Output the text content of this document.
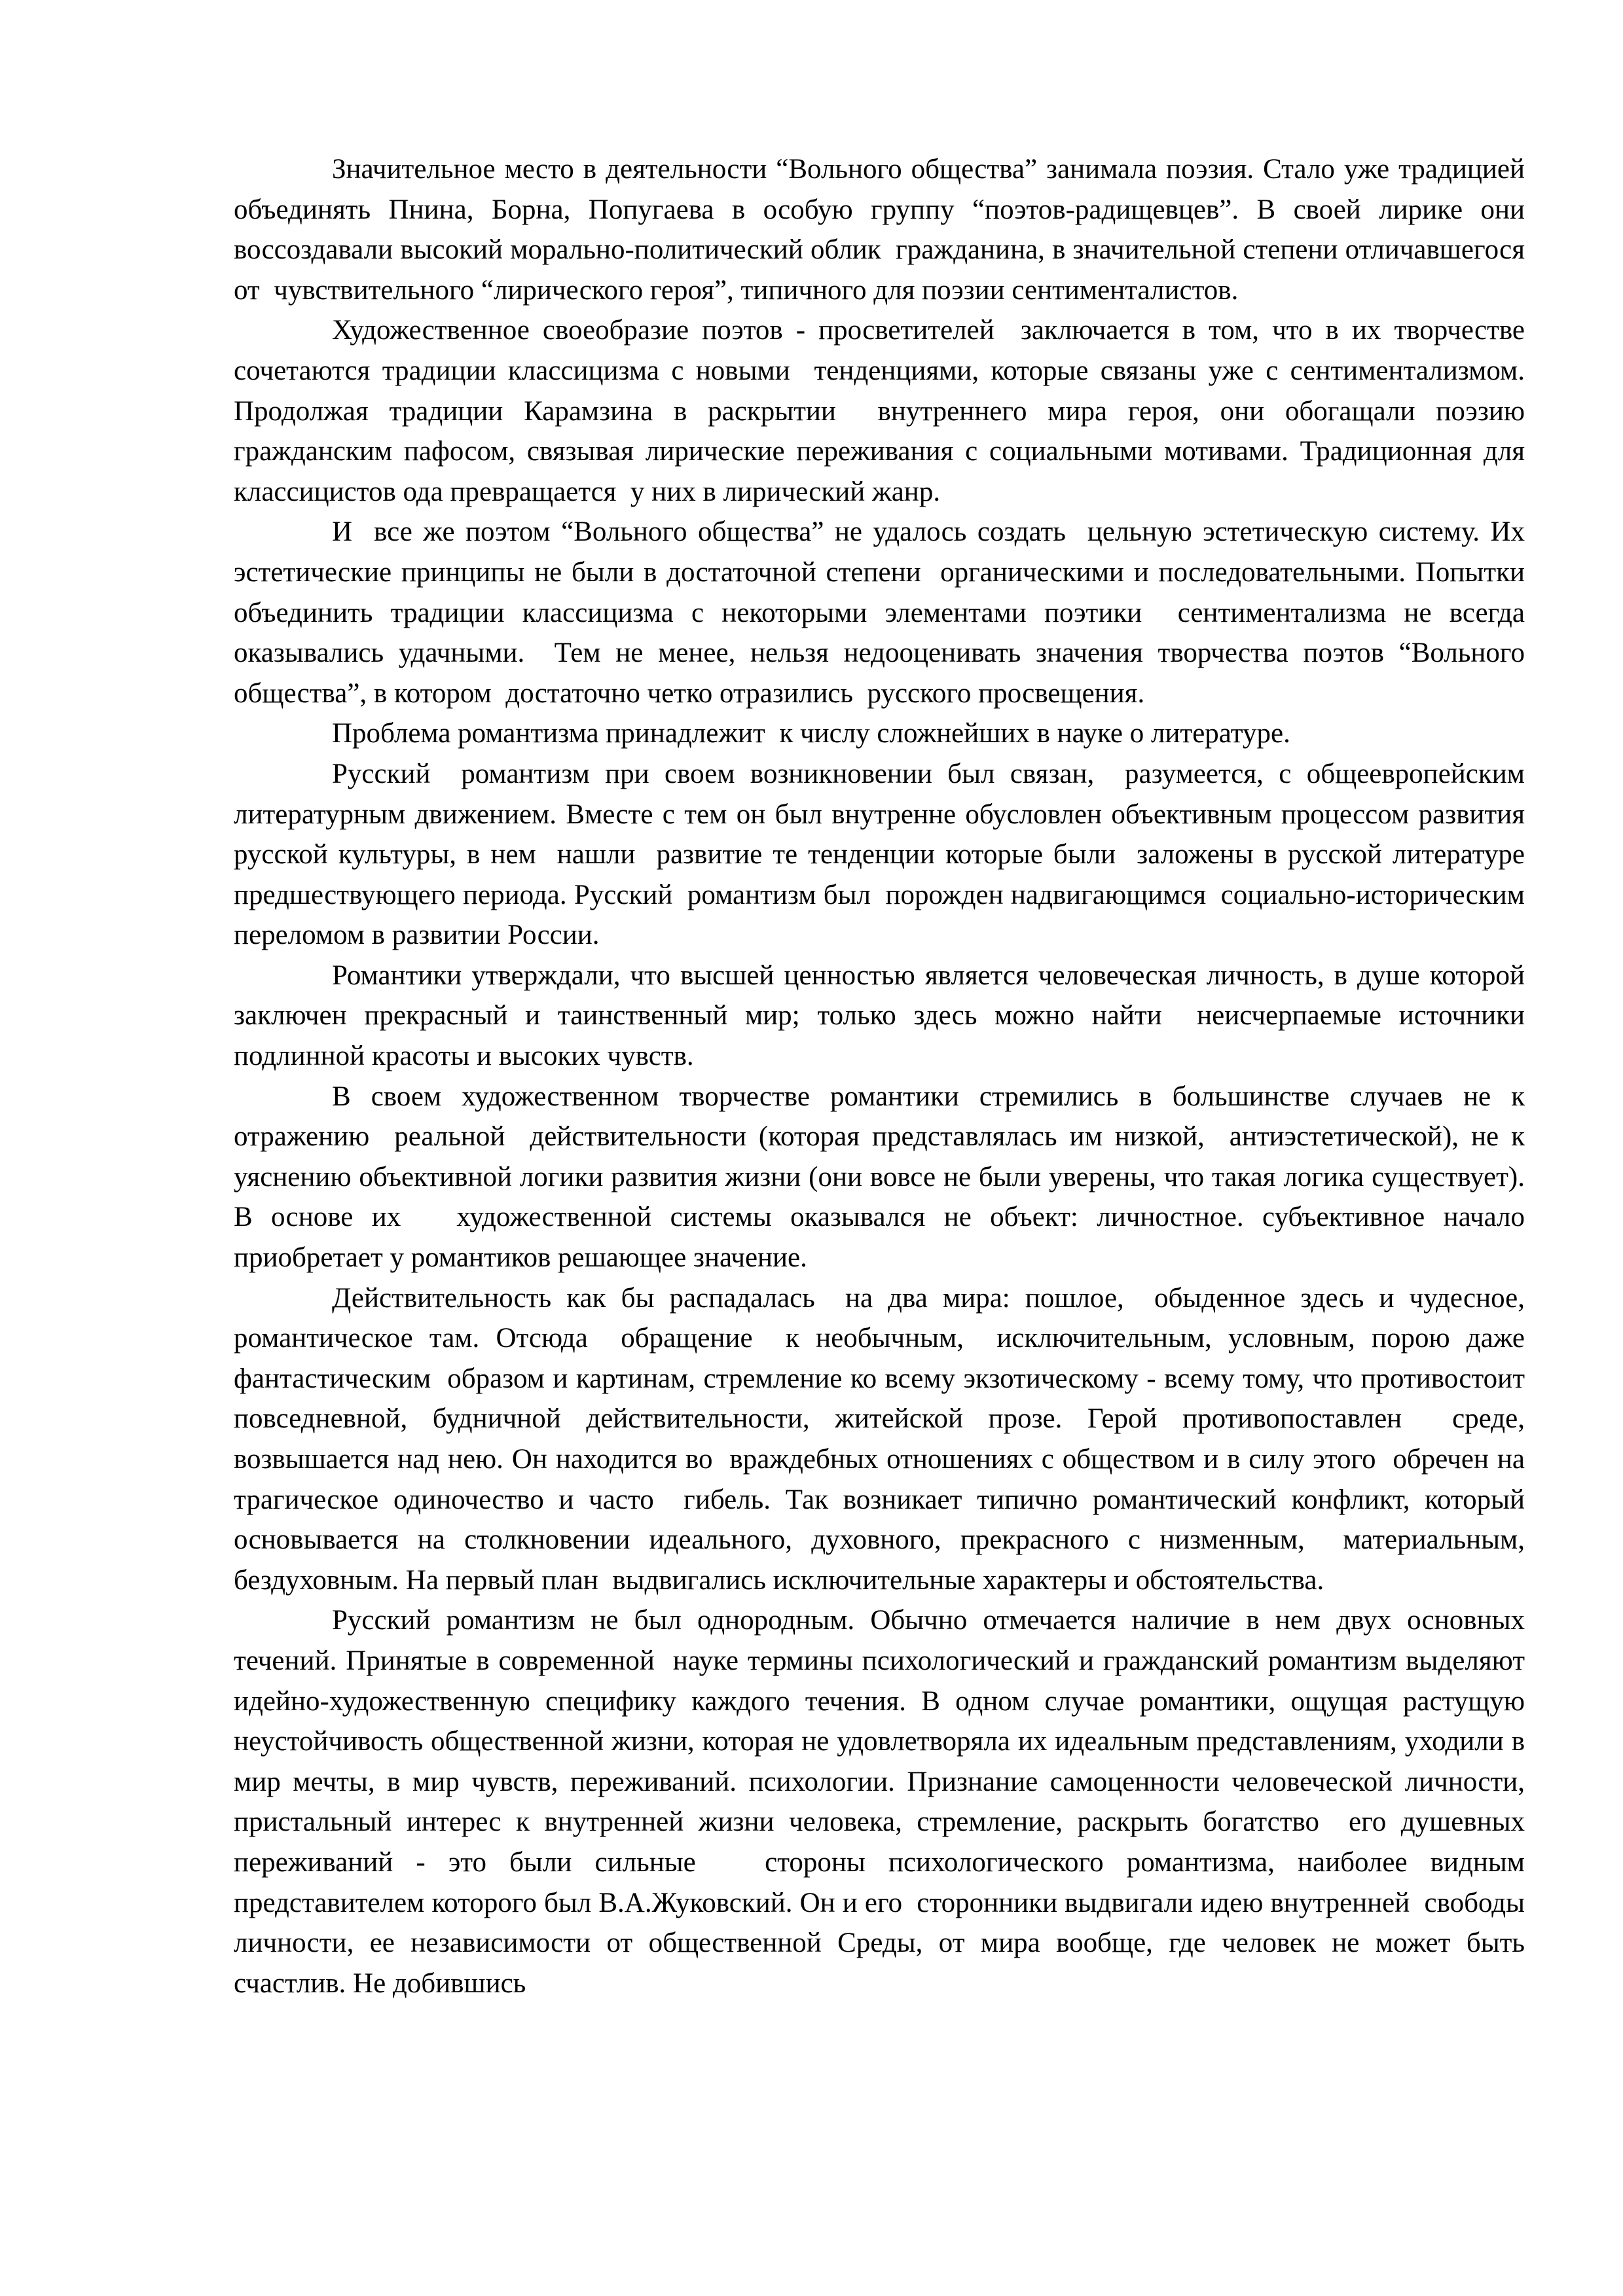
Значительное место в деятельности “Вольного общества” занимала поэзия. Стало уже традицией объединять Пнина, Борна, Попугаева в особую группу “поэтов-радищевцев”. В своей лирике они воссоздавали высокий морально-политический облик  гражданина, в значительной степени отличавшегося от  чувствительного “лирического героя”, типичного для поэзии сентименталистов.

Художественное своеобразие поэтов - просветителей  заключается в том, что в их творчестве сочетаются традиции классицизма с новыми  тенденциями, которые связаны уже с сентиментализмом. Продолжая традиции Карамзина в раскрытии  внутреннего мира героя, они обогащали поэзию  гражданским пафосом, связывая лирические переживания с социальными мотивами. Традиционная для классицистов ода превращается  у них в лирический жанр.

И  все же поэтом “Вольного общества” не удалось создать  цельную эстетическую систему. Их эстетические принципы не были в достаточной степени  органическими и последовательными. Попытки объединить традиции классицизма с некоторыми элементами поэтики  сентиментализма не всегда  оказывались удачными.  Тем не менее, нельзя недооценивать значения творчества поэтов “Вольного общества”, в котором  достаточно четко отразились  русского просвещения.

Проблема романтизма принадлежит  к числу сложнейших в науке о литературе.

Русский  романтизм при своем возникновении был связан,  разумеется, с общеевропейским литературным движением. Вместе с тем он был внутренне обусловлен объективным процессом развития русской культуры, в нем  нашли  развитие те тенденции которые были  заложены в русской литературе  предшествующего периода. Русский  романтизм был  порожден надвигающимся  социально-историческим  переломом в развитии России.

Романтики утверждали, что высшей ценностью является человеческая личность, в душе которой заключен прекрасный и таинственный мир; только здесь можно найти  неисчерпаемые источники  подлинной красоты и высоких чувств.

В своем художественном творчестве романтики стремились в большинстве случаев не к отражению  реальной  действительности (которая представлялась им низкой,  антиэстетической), не к уяснению объективной логики развития жизни (они вовсе не были уверены, что такая логика существует). В основе их   художественной системы оказывался не объект: личностное. субъективное начало приобретает у романтиков решающее значение.

Действительность как бы распадалась  на два мира: пошлое,  обыденное здесь и чудесное, романтическое там. Отсюда  обращение  к необычным,  исключительным, условным, порою даже фантастическим  образом и картинам, стремление ко всему экзотическому - всему тому, что противостоит повседневной, будничной действительности, житейской прозе. Герой противопоставлен  среде, возвышается над нею. Он находится во  враждебных отношениях с обществом и в силу этого  обречен на трагическое одиночество и часто  гибель. Так возникает типично романтический конфликт, который   основывается на столкновении идеального, духовного, прекрасного с низменным,  материальным, бездуховным. На первый план  выдвигались исключительные характеры и обстоятельства.

Русский романтизм не был однородным. Обычно отмечается наличие в нем двух основных течений. Принятые в современной  науке термины психологический и гражданский романтизм выделяют  идейно-художественную специфику каждого течения. В одном случае романтики, ощущая растущую неустойчивость общественной жизни, которая не удовлетворяла их идеальным представлениям, уходили в мир мечты, в мир чувств, переживаний. психологии. Признание самоценности человеческой личности, пристальный интерес к внутренней жизни человека, стремление, раскрыть богатство  его душевных  переживаний - это были сильные   стороны психологического романтизма, наиболее видным представителем которого был В.А.Жуковский. Он и его  сторонники выдвигали идею внутренней  свободы личности, ее независимости от общественной Среды, от мира вообще, где человек не может быть  счастлив. Не добившись
